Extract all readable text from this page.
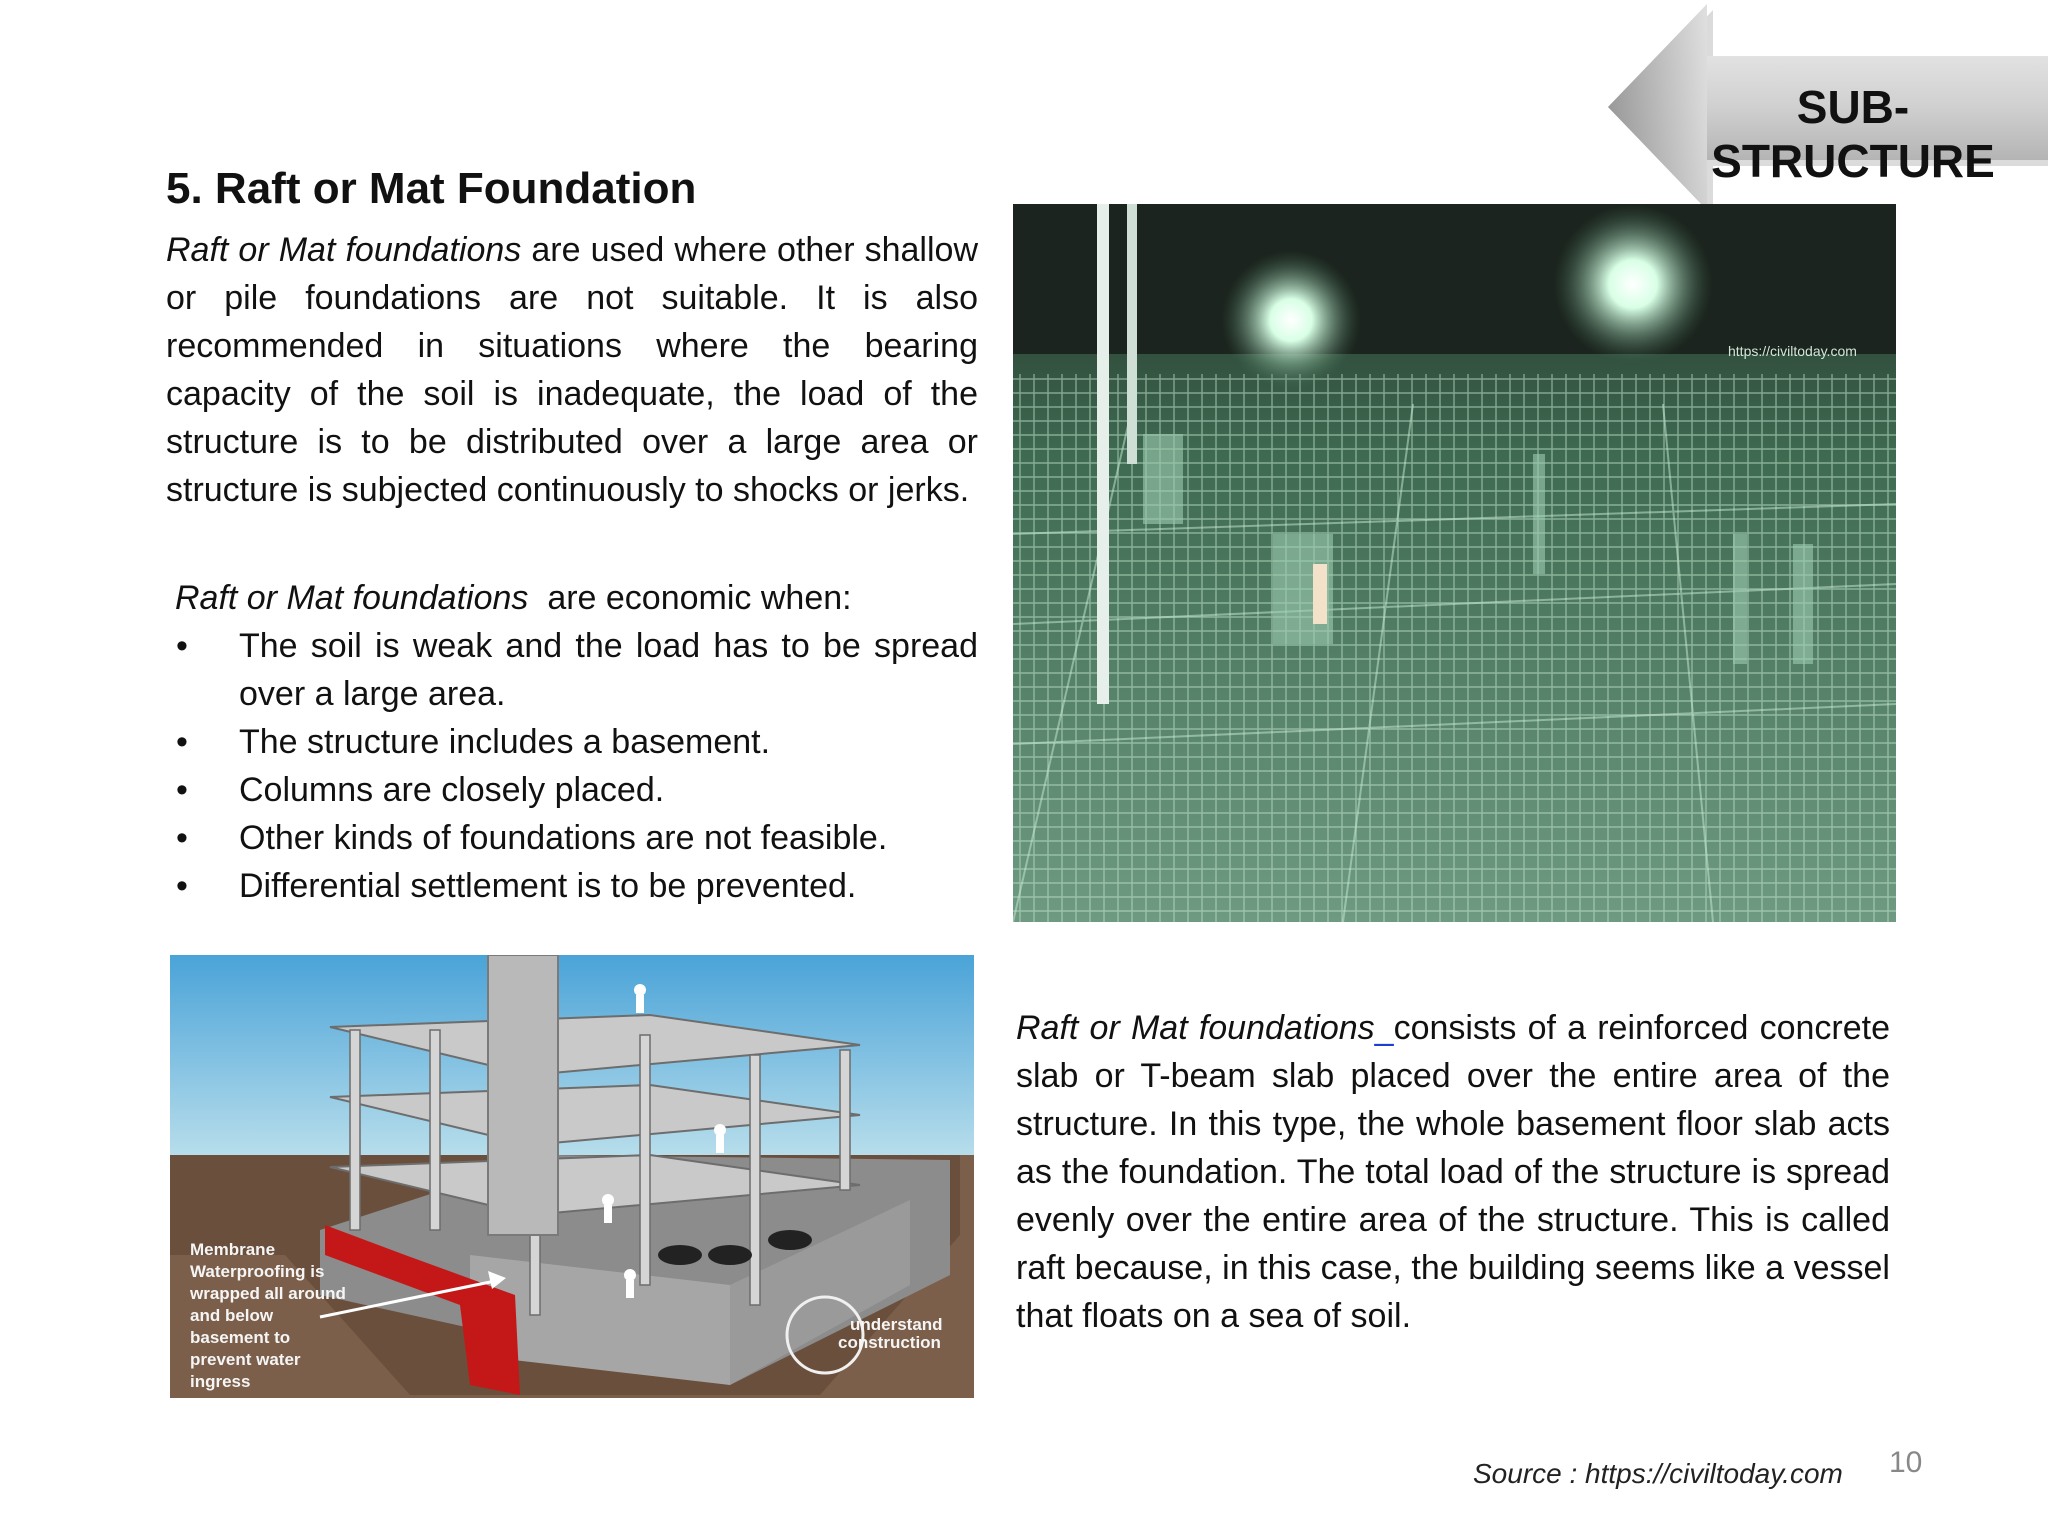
SUB-STRUCTURE
5. Raft or Mat Foundation

Raft or Mat foundations are used where other shallow or pile foundations are not suitable. It is also recommended in situations where the bearing capacity of the soil is inadequate, the load of the structure is to be distributed over a large area or structure is subjected continuously to shocks or jerks.

Raft or Mat foundations  are economic when:

• The soil is weak and the load has to be spread over a large area.
• The structure includes a basement.
• Columns are closely placed.
• Other kinds of foundations are not feasible.
• Differential settlement is to be prevented.
https://civiltoday.com
Membrane
Waterproofing is
wrapped all around
and below
basement to
prevent water
ingress
understand
construction

Raft or Mat foundations_consists of a reinforced concrete slab or T-beam slab placed over the entire area of the structure. In this type, the whole basement floor slab acts as the foundation. The total load of the structure is spread evenly over the entire area of the structure. This is called raft because, in this case, the building seems like a vessel that floats on a sea of soil.

Source : https://civiltoday.com 10
